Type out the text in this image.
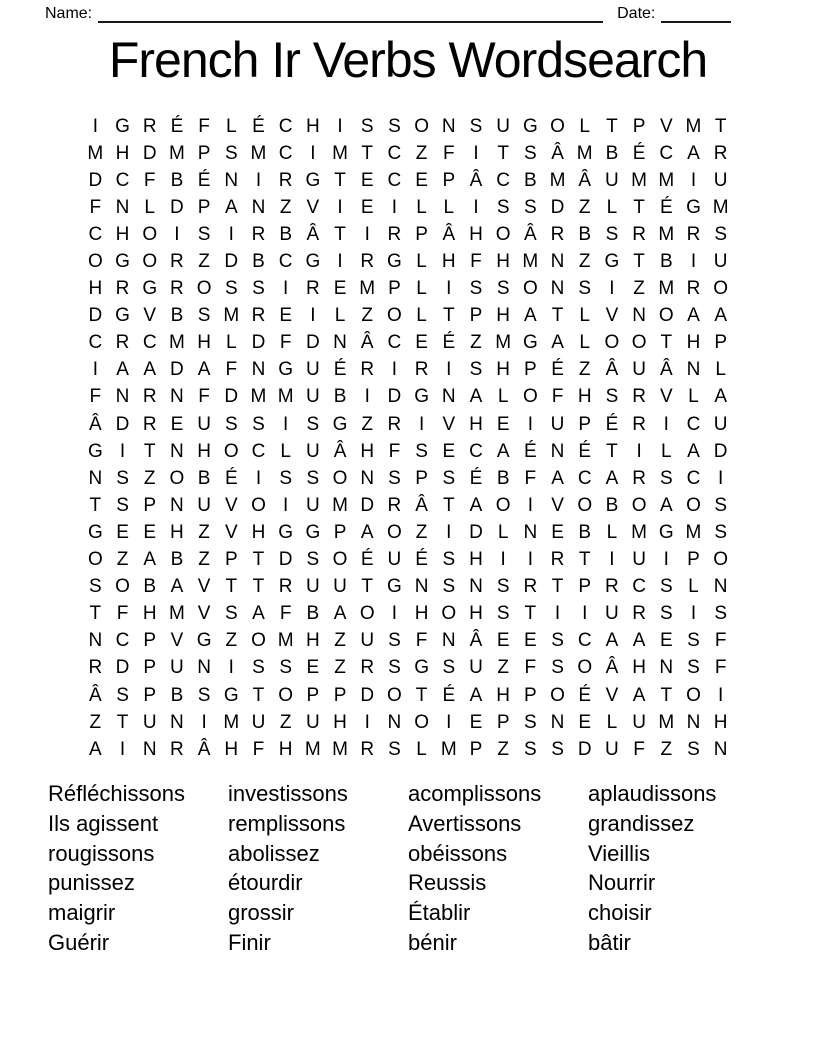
Name:	Date:
French Ir Verbs Wordsearch
I G R É F L É C H I S S O N S U G O L T P V M T
M H D M P S M C I M T C Z F I T S Â M B É C A R
D C F B É N I R G T E C E P Â C B M Â U M M I U
F N L D P A N Z V I E I	L L	I S S D Z L T É G M
C H O I S I R B Â T I R P Â H O Â R B S R M R S
O G O R Z D B C G I R G L H F H M N Z G T B I U
H R G R O S S I R E M P L	I S S O N S I Z M R O
D G V B S M R E I	L Z O L T P H A T L V N O A A
C R C M H L D F D N Â C E É Z M G A L O O T H P
I A A D A F N G U É R I R I S H P É Z Â U Â N L
F N R N F D M M U B I D G N A L O F H S R V L A
Â D R E U S S I S G Z R I V H E I U P É R I C U
G I T N H O C L U Â H F S E C A É N É T I	L A D
N S Z O B É I S S O N S P S É B F A C A R S C I
T S P N U V O I U M D R Â T A O I V O B O A O S
G E E H Z V H G G P A O Z I D L N E B L M G M S
O Z A B Z P T D S O É U É S H I	I R T I U I P O
S O B A V T T R U U T G N S N S R T P R C S L N
T F H M V S A F B A O I H O H S T I	I U R S I S
N C P V G Z O M H Z U S F N Â E E S C A A E S F
R D P U N I S S E Z R S G S U Z F S O Â H N S F
Â S P B S G T O P P D O T É A H P O É V A T O I
Z T U N I M U Z U H I N O I E P S N E L U M N H
A I N R Â H F H M M R S L M P Z S S D U F Z S N
Réfléchissons
Ils agissent
rougissons
punissez
maigrir
Guérir
investissons
remplissons
abolissez
étourdir
grossir
Finir
acomplissons
Avertissons
obéissons
Reussis
Établir
bénir
aplaudissons
grandissez
Vieillis
Nourrir
choisir
bâtir
